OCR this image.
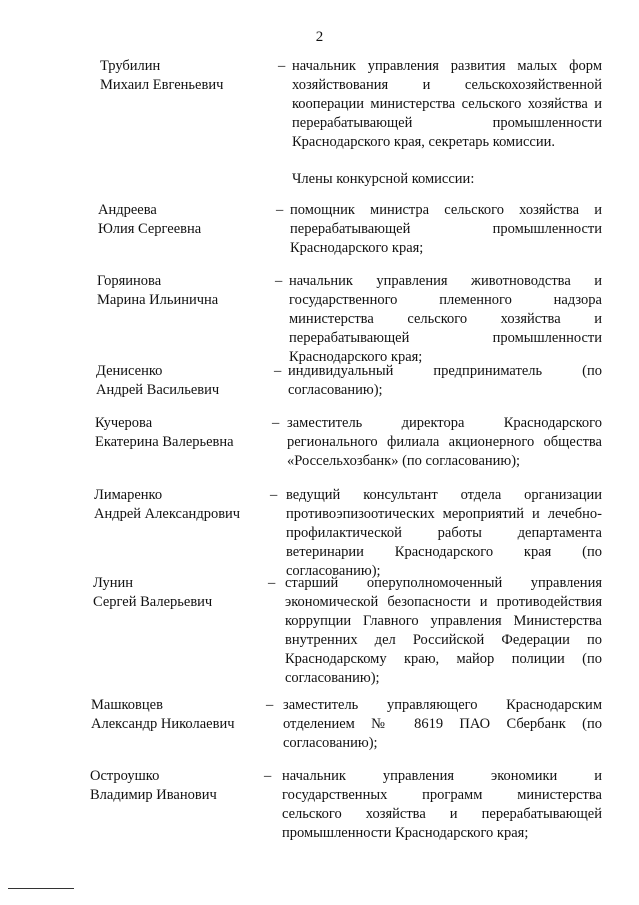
2
Трубилин
Михаил Евгеньевич
– начальник управления развития малых форм хозяйствования и сельскохозяйственной кооперации министерства сельского хозяйства и перерабатывающей промышленности Краснодарского края, секретарь комиссии.
Члены конкурсной комиссии:
Андреева
Юлия Сергеевна
– помощник министра сельского хозяйства и перерабатывающей промышленности Краснодарского края;
Горяинова
Марина Ильинична
– начальник управления животноводства и государственного племенного надзора министерства сельского хозяйства и перерабатывающей промышленности Краснодарского края;
Денисенко
Андрей Васильевич
– индивидуальный предприниматель (по согласованию);
Кучерова
Екатерина Валерьевна
– заместитель директора Краснодарского регионального филиала акционерного общества «Россельхозбанк» (по согласованию);
Лимаренко
Андрей Александрович
– ведущий консультант отдела организации противоэпизоотических мероприятий и лечебно-профилактической работы департамента ветеринарии Краснодарского края (по согласованию);
Лунин
Сергей Валерьевич
– старший оперуполномоченный управления экономической безопасности и противодействия коррупции Главного управления Министерства внутренних дел Российской Федерации по Краснодарскому краю, майор полиции (по согласованию);
Машковцев
Александр Николаевич
– заместитель управляющего Краснодарским отделением № 8619 ПАО Сбербанк (по согласованию);
Остроушко
Владимир Иванович
– начальник управления экономики и государственных программ министерства сельского хозяйства и перерабатывающей промышленности Краснодарского края;
